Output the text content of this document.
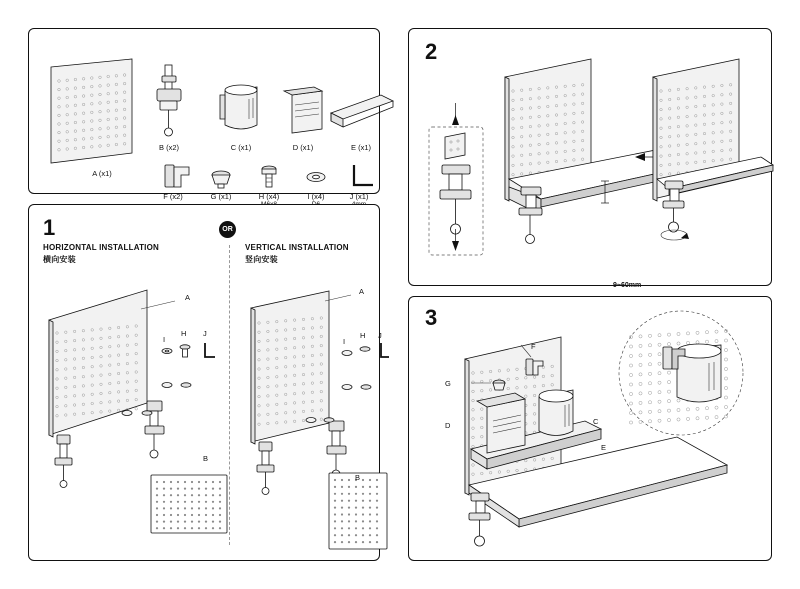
A (x1)
B (x2)	C (x1)	D (x1)	E (x1)
F (x2)	G (x1)	H (x4)	I (x4)	J (x1)
1	OR
HORIZONTAL INSTALLATION
横向安装
VERTICAL INSTALLATION
竖向安装
A
I
H J
B
A
I
H J
B
2
9~60mm
3
F
G
D	C
E
